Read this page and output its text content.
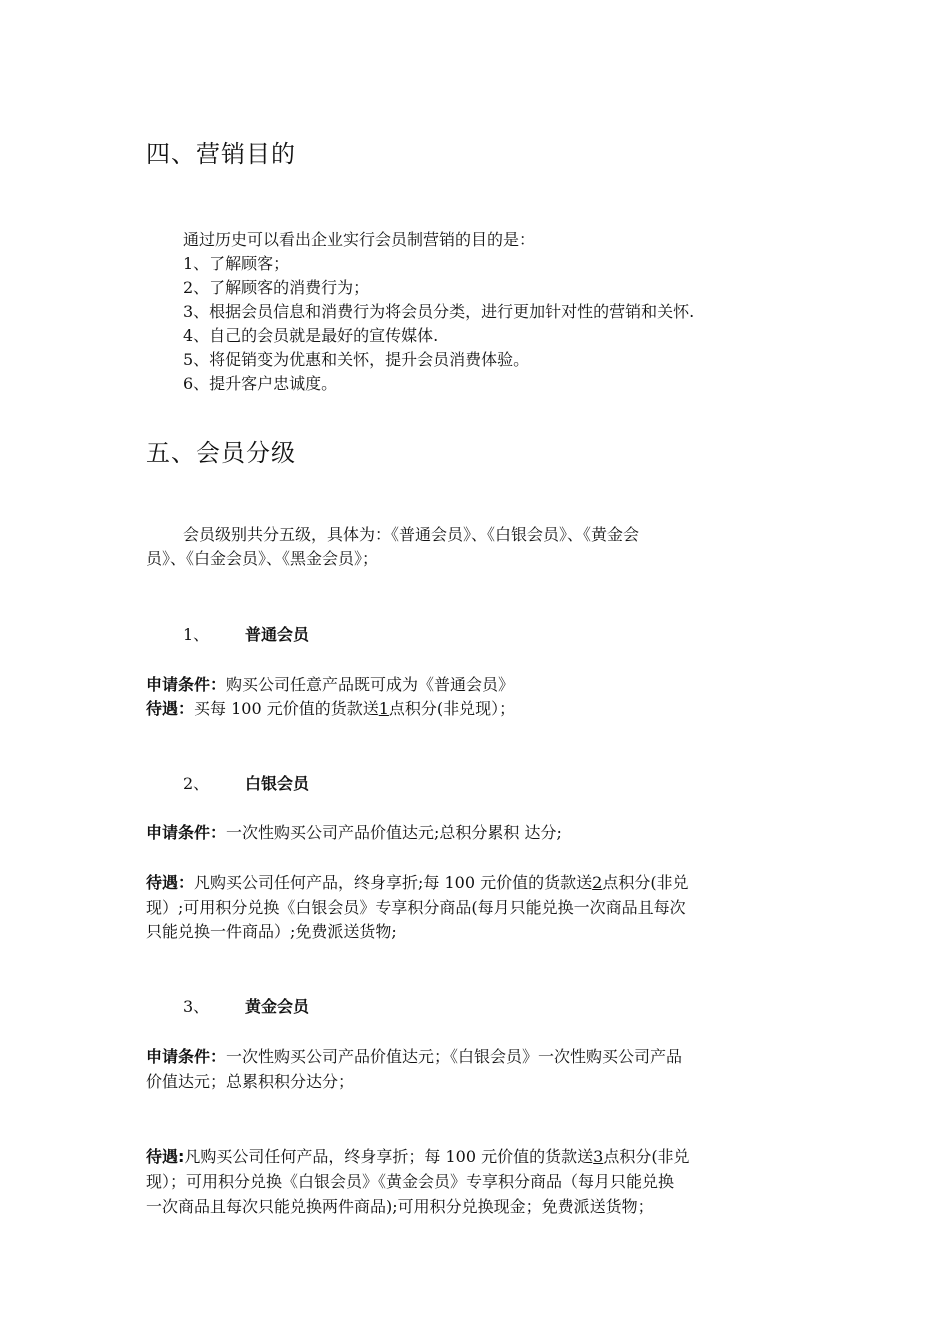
四、营销目的
通过历史可以看出企业实行会员制营销的目的是：
1、了解顾客；
2、了解顾客的消费行为；
3、根据会员信息和消费行为将会员分类，进行更加针对性的营销和关怀.
4、自己的会员就是最好的宣传媒体.
5、将促销变为优惠和关怀，提升会员消费体验。
6、提升客户忠诚度。
五、会员分级
会员级别共分五级，具体为：《普通会员》、《白银会员》、《黄金会
员》、《白金会员》、《黑金会员》；
1、 普通会员
申请条件：购买公司任意产品既可成为《普通会员》
待遇：买每 100 元价值的货款送1点积分(非兑现）；
2、 白银会员
申请条件：一次性购买公司产品价值达元;总积分累积 达分;
待遇：凡购买公司任何产品，终身享折;每 100 元价值的货款送2点积分(非兑
现）;可用积分兑换《白银会员》专享积分商品(每月只能兑换一次商品且每次
只能兑换一件商品）;免费派送货物;
3、 黄金会员
申请条件：一次性购买公司产品价值达元；《白银会员》一次性购买公司产品
价值达元；总累积积分达分；
待遇:凡购买公司任何产品，终身享折；每 100 元价值的货款送3点积分(非兑
现）；可用积分兑换《白银会员》《黄金会员》专享积分商品（每月只能兑换
一次商品且每次只能兑换两件商品);可用积分兑换现金；免费派送货物；
